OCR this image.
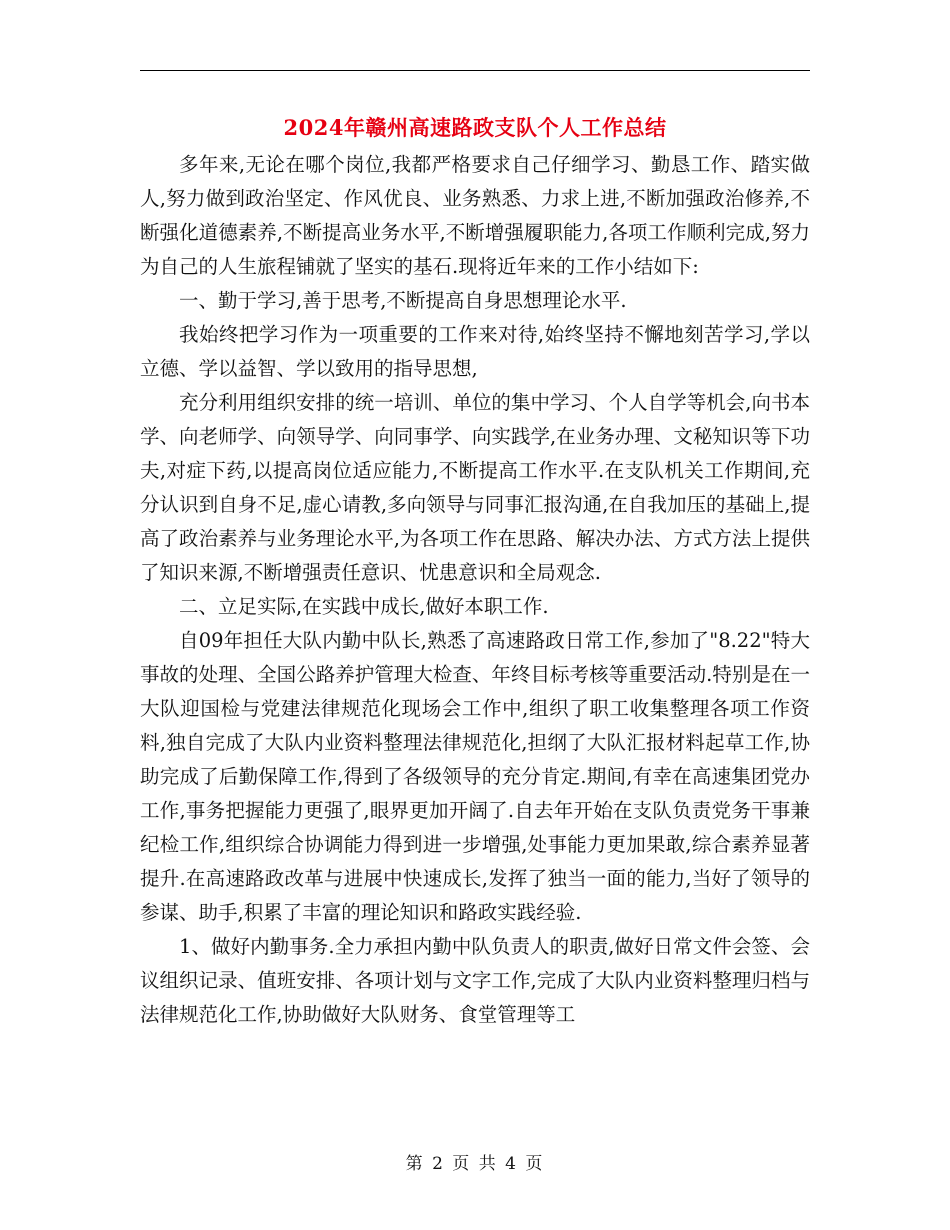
2024年赣州高速路政支队个人工作总结

多年来,无论在哪个岗位,我都严格要求自己仔细学习、勤恳工作、踏实做人,努力做到政治坚定、作风优良、业务熟悉、力求上进,不断加强政治修养,不断强化道德素养,不断提高业务水平,不断增强履职能力,各项工作顺利完成,努力为自己的人生旅程铺就了坚实的基石.现将近年来的工作小结如下:

一、勤于学习,善于思考,不断提高自身思想理论水平.

我始终把学习作为一项重要的工作来对待,始终坚持不懈地刻苦学习,学以立德、学以益智、学以致用的指导思想,

充分利用组织安排的统一培训、单位的集中学习、个人自学等机会,向书本学、向老师学、向领导学、向同事学、向实践学,在业务办理、文秘知识等下功夫,对症下药,以提高岗位适应能力,不断提高工作水平.在支队机关工作期间,充分认识到自身不足,虚心请教,多向领导与同事汇报沟通,在自我加压的基础上,提高了政治素养与业务理论水平,为各项工作在思路、解决办法、方式方法上提供了知识来源,不断增强责任意识、忧患意识和全局观念.

二、立足实际,在实践中成长,做好本职工作.

自09年担任大队内勤中队长,熟悉了高速路政日常工作,参加了"8.22"特大事故的处理、全国公路养护管理大检查、年终目标考核等重要活动.特别是在一大队迎国检与党建法律规范化现场会工作中,组织了职工收集整理各项工作资料,独自完成了大队内业资料整理法律规范化,担纲了大队汇报材料起草工作,协助完成了后勤保障工作,得到了各级领导的充分肯定.期间,有幸在高速集团党办工作,事务把握能力更强了,眼界更加开阔了.自去年开始在支队负责党务干事兼纪检工作,组织综合协调能力得到进一步增强,处事能力更加果敢,综合素养显著提升.在高速路政改革与进展中快速成长,发挥了独当一面的能力,当好了领导的参谋、助手,积累了丰富的理论知识和路政实践经验.

1、做好内勤事务.全力承担内勤中队负责人的职责,做好日常文件会签、会议组织记录、值班安排、各项计划与文字工作,完成了大队内业资料整理归档与法律规范化工作,协助做好大队财务、食堂管理等工

第 2 页 共 4 页
